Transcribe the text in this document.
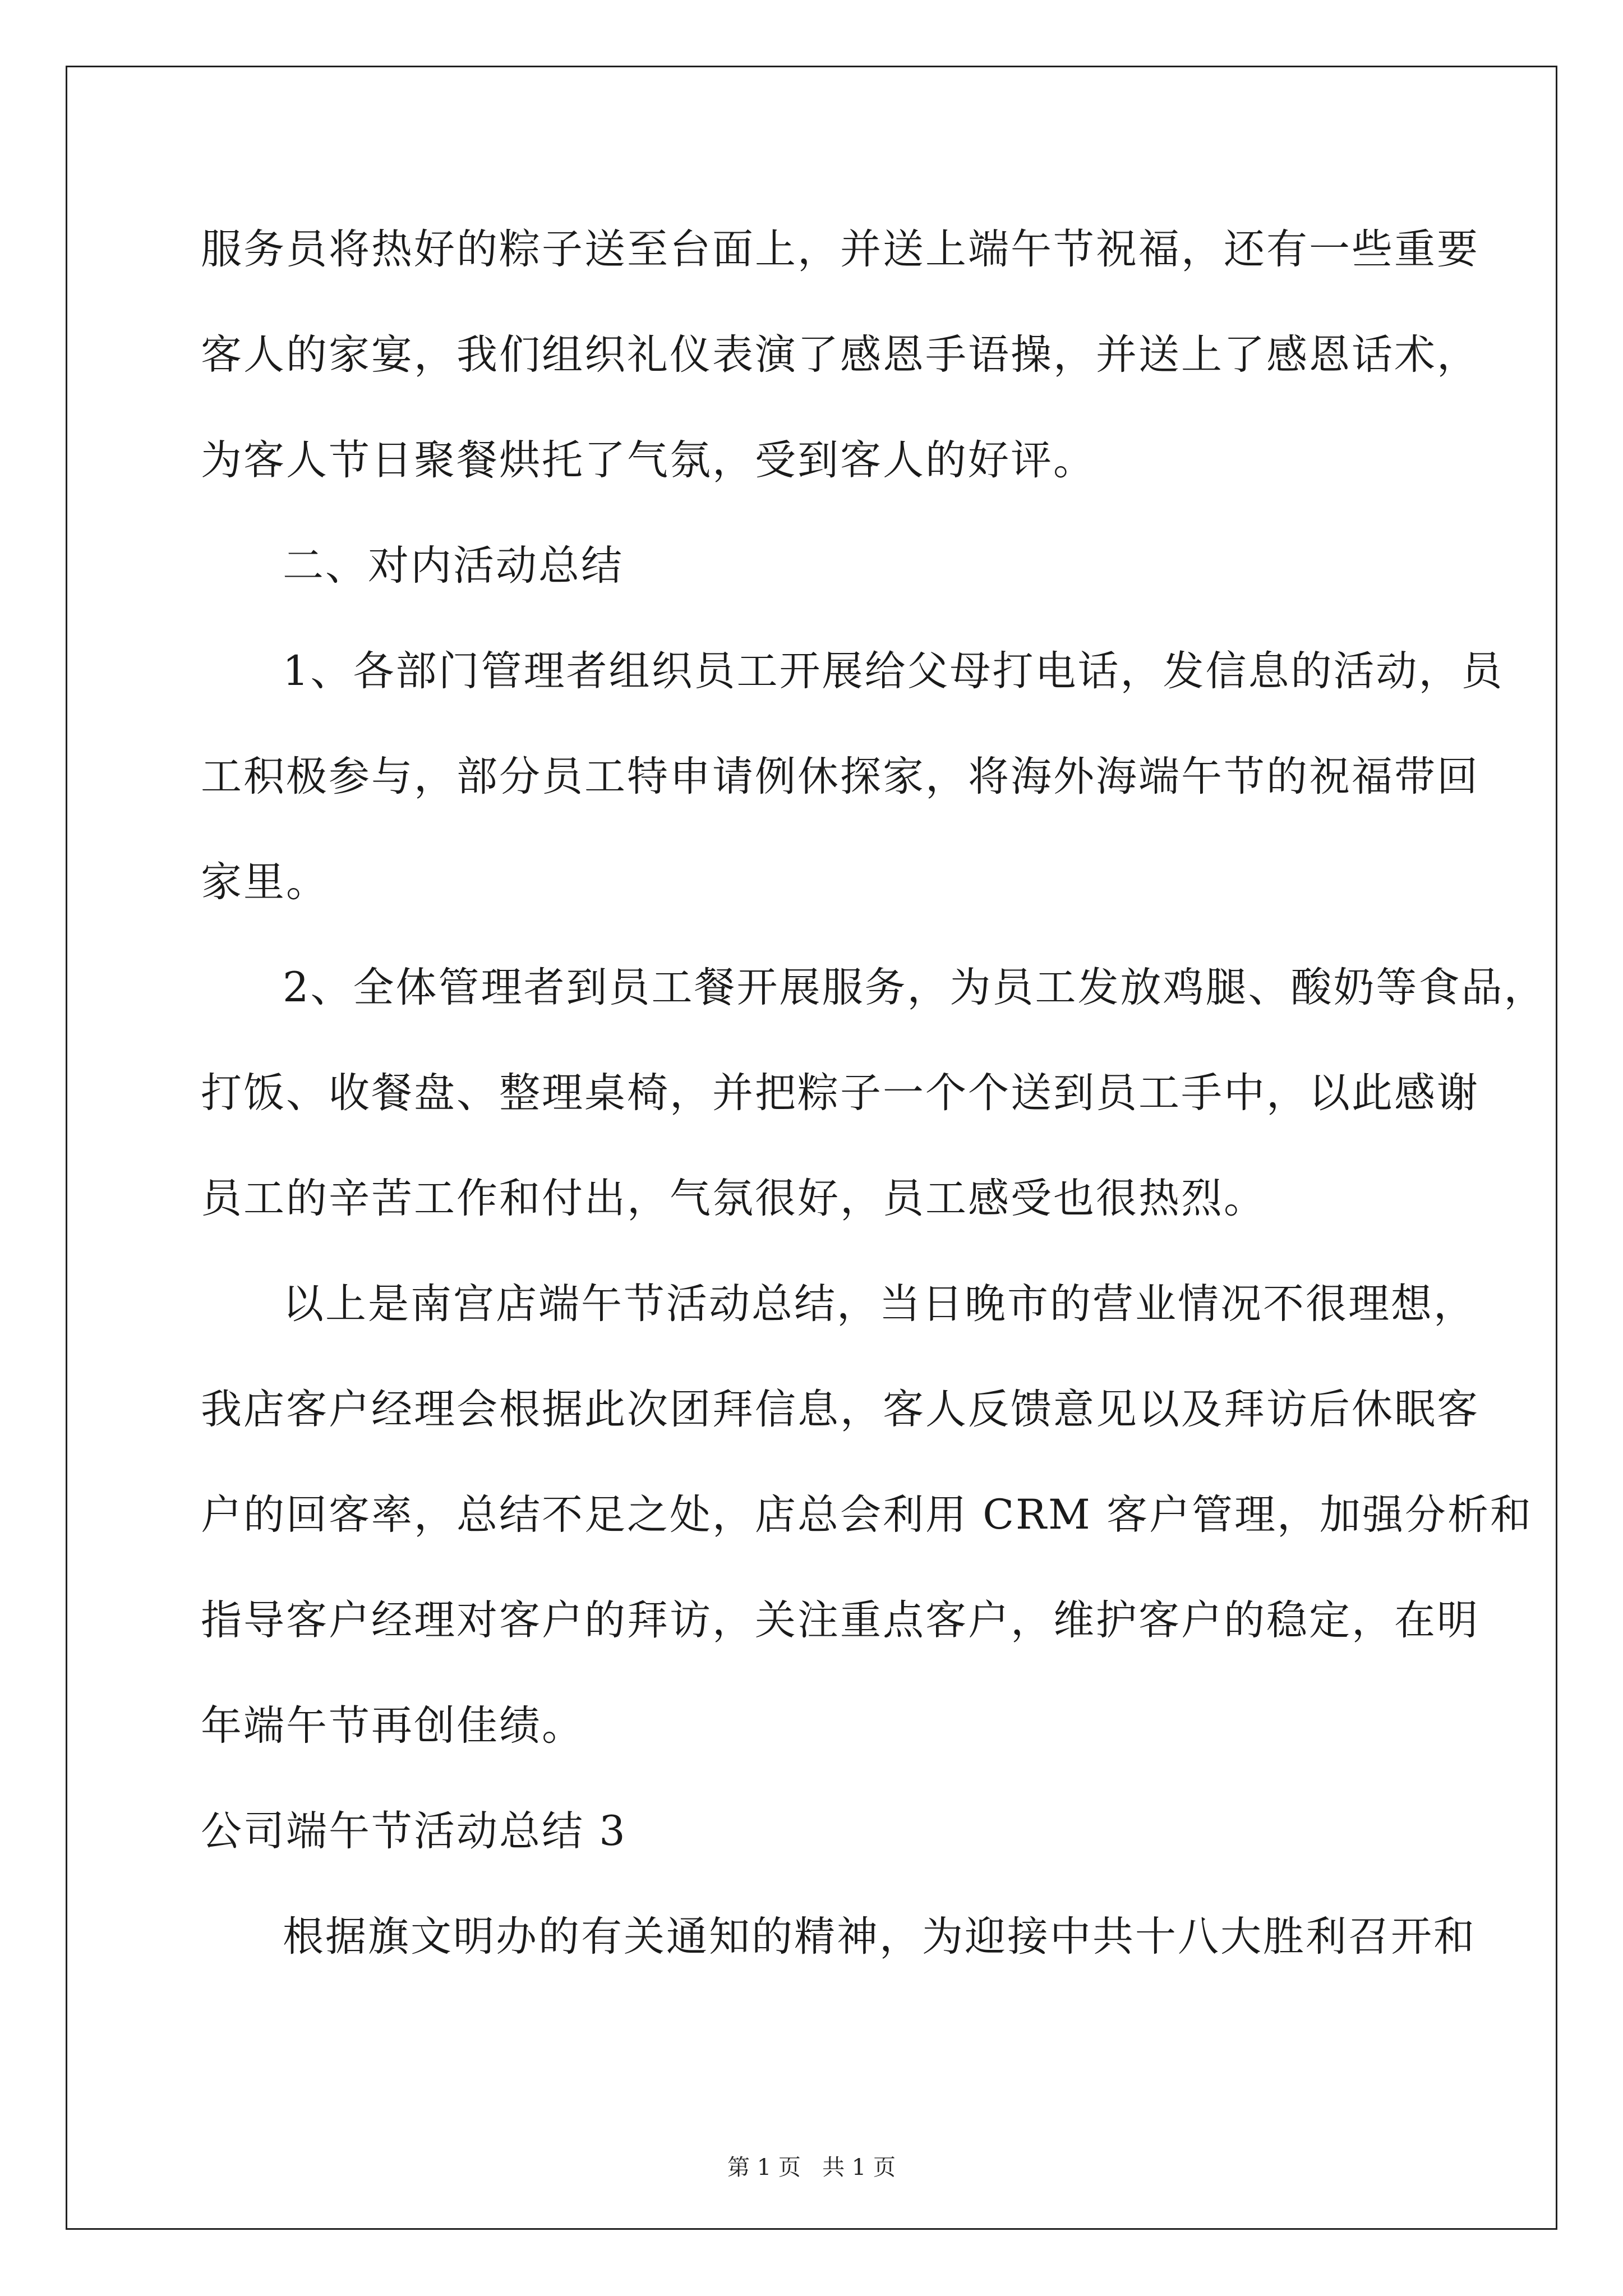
服务员将热好的粽子送至台面上，并送上端午节祝福，还有一些重要
客人的家宴，我们组织礼仪表演了感恩手语操，并送上了感恩话术，
为客人节日聚餐烘托了气氛，受到客人的好评。
二、对内活动总结
1、各部门管理者组织员工开展给父母打电话，发信息的活动，员
工积极参与，部分员工特申请例休探家，将海外海端午节的祝福带回
家里。
2、全体管理者到员工餐开展服务，为员工发放鸡腿、酸奶等食品，
打饭、收餐盘、整理桌椅，并把粽子一个个送到员工手中，以此感谢
员工的辛苦工作和付出，气氛很好，员工感受也很热烈。
以上是南宫店端午节活动总结，当日晚市的营业情况不很理想，
我店客户经理会根据此次团拜信息，客人反馈意见以及拜访后休眠客
户的回客率，总结不足之处，店总会利用 CRM 客户管理，加强分析和
指导客户经理对客户的拜访，关注重点客户，维护客户的稳定，在明
年端午节再创佳绩。
公司端午节活动总结 3
根据旗文明办的有关通知的精神，为迎接中共十八大胜利召开和
第 1 页   共 1 页
